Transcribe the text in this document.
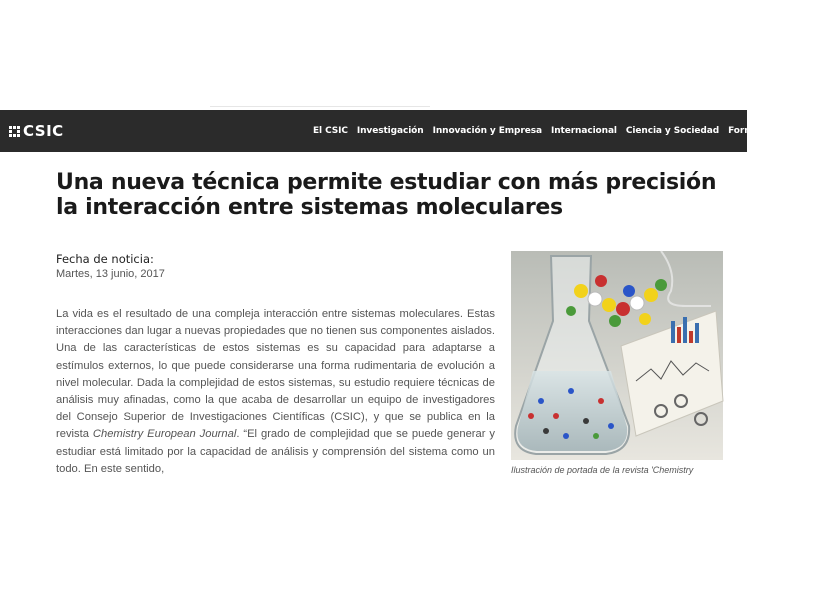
CSIC	El CSIC Investigación Innovación y Empresa Internacional Ciencia y Sociedad Formación y Em
Una nueva técnica permite estudiar con más precisión la interacción entre sistemas moleculares
Fecha de noticia:
Martes, 13 junio, 2017

La vida es el resultado de una compleja interacción entre sistemas moleculares. Estas interacciones dan lugar a nuevas propiedades que no tienen sus componentes aislados. Una de las características de estos sistemas es su capacidad para adaptarse a estímulos externos, lo que puede considerarse una forma rudimentaria de evolución a nivel molecular. Dada la complejidad de estos sistemas, su estudio requiere técnicas de análisis muy afinadas, como la que acaba de desarrollar un equipo de investigadores del Consejo Superior de Investigaciones Científicas (CSIC), y que se publica en la revista Chemistry European Journal. “El grado de complejidad que se puede generar y estudiar está limitado por la capacidad de análisis y comprensión del sistema como un todo. En este sentido,	Ilustración de portada de la revista 'Chemistry
